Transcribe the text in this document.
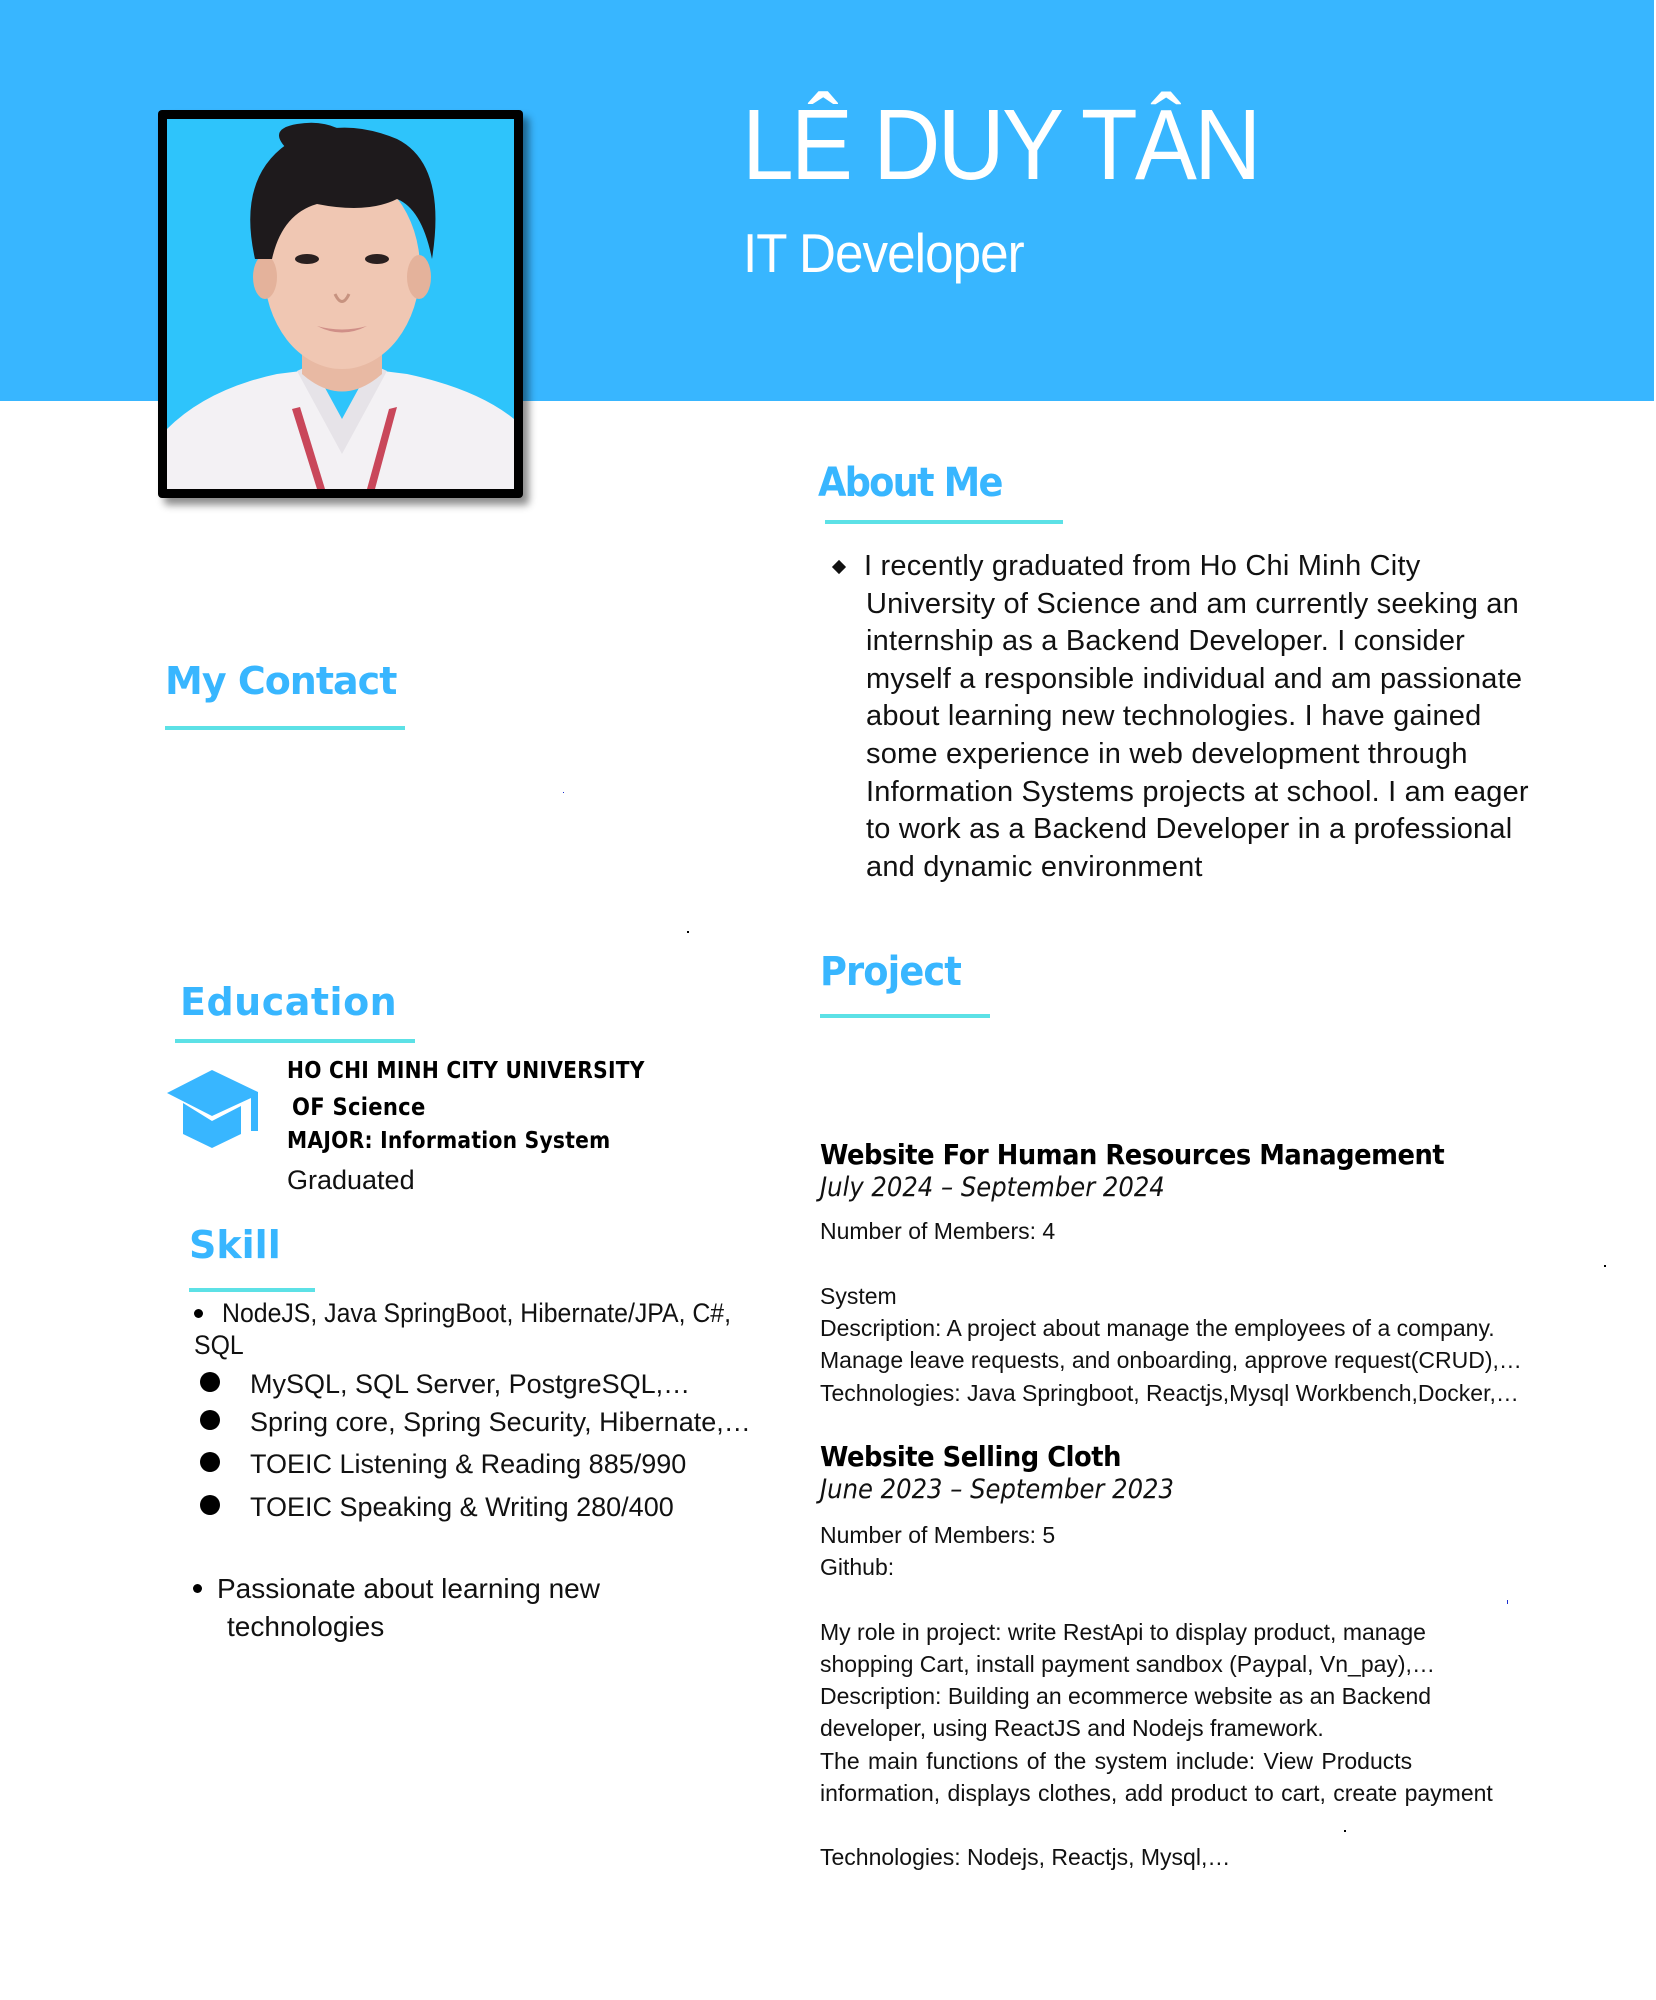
LÊ DUY TÂN
IT Developer
About Me
I recently graduated from Ho Chi Minh City
University of Science and am currently seeking an
internship as a Backend Developer. I consider
myself a responsible individual and am passionate
about learning new technologies. I have gained
some experience in web development through
Information Systems projects at school. I am eager
to work as a Backend Developer in a professional
and dynamic environment
My Contact
Project
Education
HO CHI MINH CITY UNIVERSITY
OF Science
MAJOR: Information System
Graduated
Skill
NodeJS, Java SpringBoot, Hibernate/JPA, C#,
SQL
MySQL, SQL Server, PostgreSQL,…
Spring core, Spring Security, Hibernate,…
TOEIC Listening & Reading 885/990
TOEIC Speaking & Writing 280/400
Passionate about learning new
technologies
Website For Human Resources Management
July 2024 – September 2024
Number of Members: 4
System
Description: A project about manage the employees of a company.
Manage leave requests, and onboarding, approve request(CRUD),…
Technologies: Java Springboot, Reactjs,Mysql Workbench,Docker,…
Website Selling Cloth
June 2023 – September 2023
Number of Members: 5
Github:
My role in project: write RestApi to display product, manage
shopping Cart, install payment sandbox (Paypal, Vn_pay),…
Description: Building an ecommerce website as an Backend
developer, using ReactJS and Nodejs framework.
The main functions of the system include: View Products
information, displays clothes, add product to cart, create payment
Technologies: Nodejs, Reactjs, Mysql,…
